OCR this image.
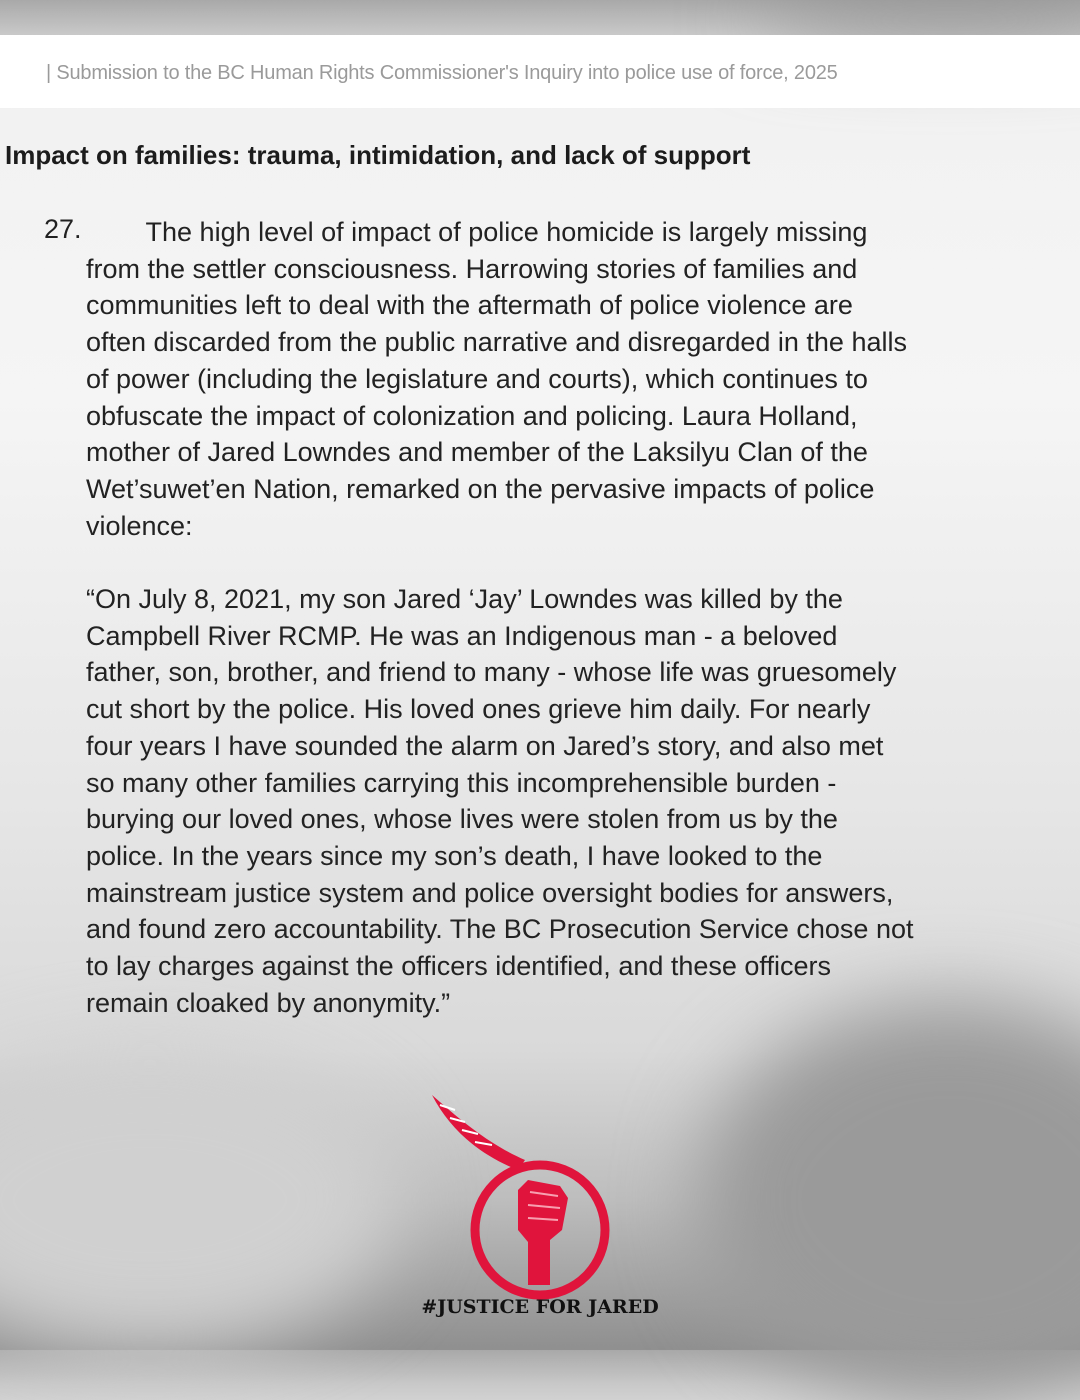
| Submission to the BC Human Rights Commissioner's Inquiry into police use of force, 2025
Impact on families: trauma, intimidation, and lack of support
27. The high level of impact of police homicide is largely missing
from the settler consciousness. Harrowing stories of families and
communities left to deal with the aftermath of police violence are
often discarded from the public narrative and disregarded in the halls
of power (including the legislature and courts), which continues to
obfuscate the impact of colonization and policing. Laura Holland,
mother of Jared Lowndes and member of the Laksilyu Clan of the
Wet’suwet’en Nation, remarked on the pervasive impacts of police
violence:
“On July 8, 2021, my son Jared ‘Jay’ Lowndes was killed by the
Campbell River RCMP. He was an Indigenous man - a beloved
father, son, brother, and friend to many - whose life was gruesomely
cut short by the police. His loved ones grieve him daily. For nearly
four years I have sounded the alarm on Jared’s story, and also met
so many other families carrying this incomprehensible burden -
burying our loved ones, whose lives were stolen from us by the
police. In the years since my son’s death, I have looked to the
mainstream justice system and police oversight bodies for answers,
and found zero accountability. The BC Prosecution Service chose not
to lay charges against the officers identified, and these officers
remain cloaked by anonymity.”
#JUSTICE FOR JARED
